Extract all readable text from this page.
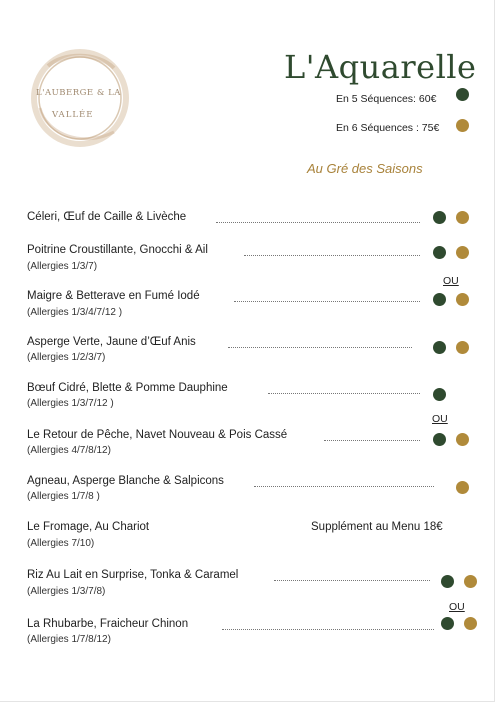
L'AUBERGE & LA
VALLÉE
L'Aquarelle
En 5 Séquences: 60€
En 6 Séquences : 75€
Au Gré des Saisons
Céleri, Œuf de Caille & Livèche
Poitrine Croustillante, Gnocchi & Ail
(Allergies 1/3/7)
OU
Maigre & Betterave en Fumé Iodé
(Allergies 1/3/4/7/12 )
Asperge Verte, Jaune d’Œuf Anis
(Allergies 1/2/3/7)
Bœuf Cidré, Blette & Pomme Dauphine
(Allergies 1/3/7/12 )
OU
Le Retour de Pêche, Navet Nouveau & Pois Cassé
(Allergies 4/7/8/12)
Agneau, Asperge Blanche & Salpicons
(Allergies 1/7/8 )
Le Fromage, Au Chariot	Supplément au Menu 18€
(Allergies 7/10)
Riz Au Lait en Surprise, Tonka & Caramel
(Allergies 1/3/7/8)
OU
La Rhubarbe, Fraicheur Chinon
(Allergies 1/7/8/12)
